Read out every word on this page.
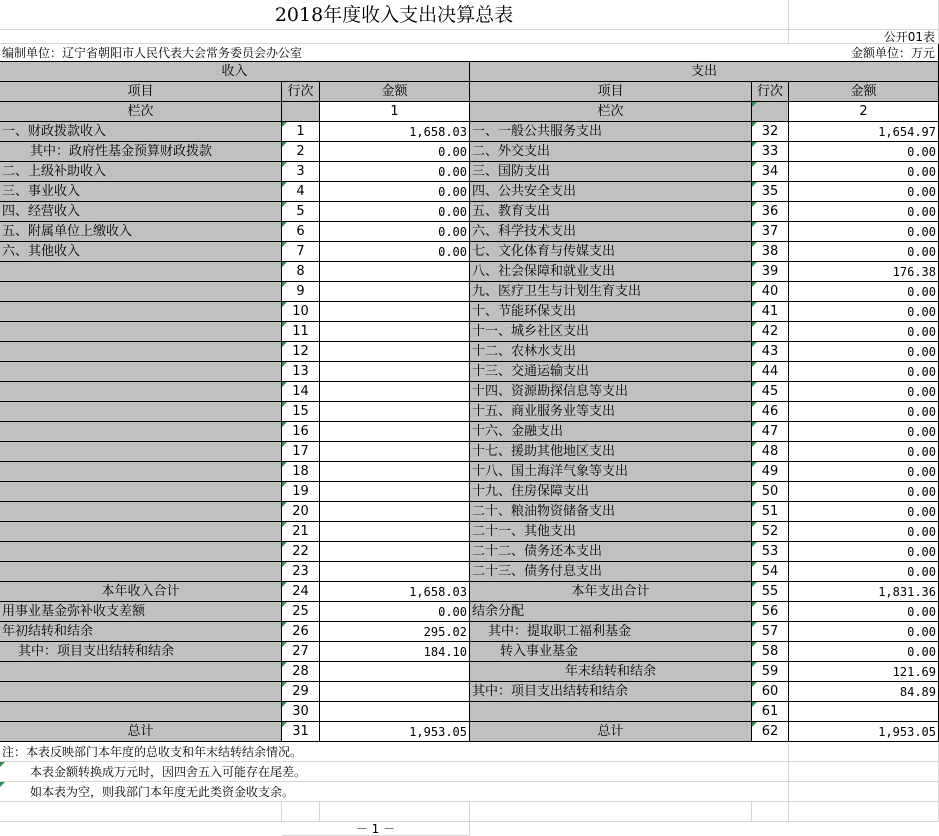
2018年度收入支出决算总表
公开01表
编制单位：辽宁省朝阳市人民代表大会常务委员会办公室	金额单位：万元
收入	支出
项目	行次	金额	项目	行次	金额
栏次	1	栏次	2
一、财政拨款收入	1	1,658.03 一、一般公共服务支出	32	1,654.97
其中：政府性基金预算财政拨款	2	0.00 二、外交支出	33	0.00
二、上级补助收入	3	0.00 三、国防支出	34	0.00
三、事业收入	4	0.00 四、公共安全支出	35	0.00
四、经营收入	5	0.00 五、教育支出	36	0.00
五、附属单位上缴收入	6	0.00 六、科学技术支出	37	0.00
六、其他收入	7	0.00 七、文化体育与传媒支出	38	0.00
8	八、社会保障和就业支出	39	176.38
9	九、医疗卫生与计划生育支出	40	0.00
10	十、节能环保支出	41	0.00
11	十一、城乡社区支出	42	0.00
12	十二、农林水支出	43	0.00
13	十三、交通运输支出	44	0.00
14	十四、资源勘探信息等支出	45	0.00
15	十五、商业服务业等支出	46	0.00
16	十六、金融支出	47	0.00
17	十七、援助其他地区支出	48	0.00
18	十八、国土海洋气象等支出	49	0.00
19	十九、住房保障支出	50	0.00
20	二十、粮油物资储备支出	51	0.00
21	二十一、其他支出	52	0.00
22	二十二、债务还本支出	53	0.00
23	二十三、债务付息支出	54	0.00
本年收入合计	24	1,658.03	本年支出合计	55	1,831.36
用事业基金弥补收支差额	25	0.00 结余分配	56	0.00
年初结转和结余	26	295.02	其中：提取职工福利基金	57	0.00
其中：项目支出结转和结余	27	184.10	转入事业基金	58	0.00
28	年末结转和结余	59	121.69
29	其中：项目支出结转和结余	60	84.89
30	61
总计	31	1,953.05	总计	62	1,953.05
注：本表反映部门本年度的总收支和年末结转结余情况。
本表金额转换成万元时，因四舍五入可能存在尾差。
如本表为空，则我部门本年度无此类资金收支余。
－ 1 －
